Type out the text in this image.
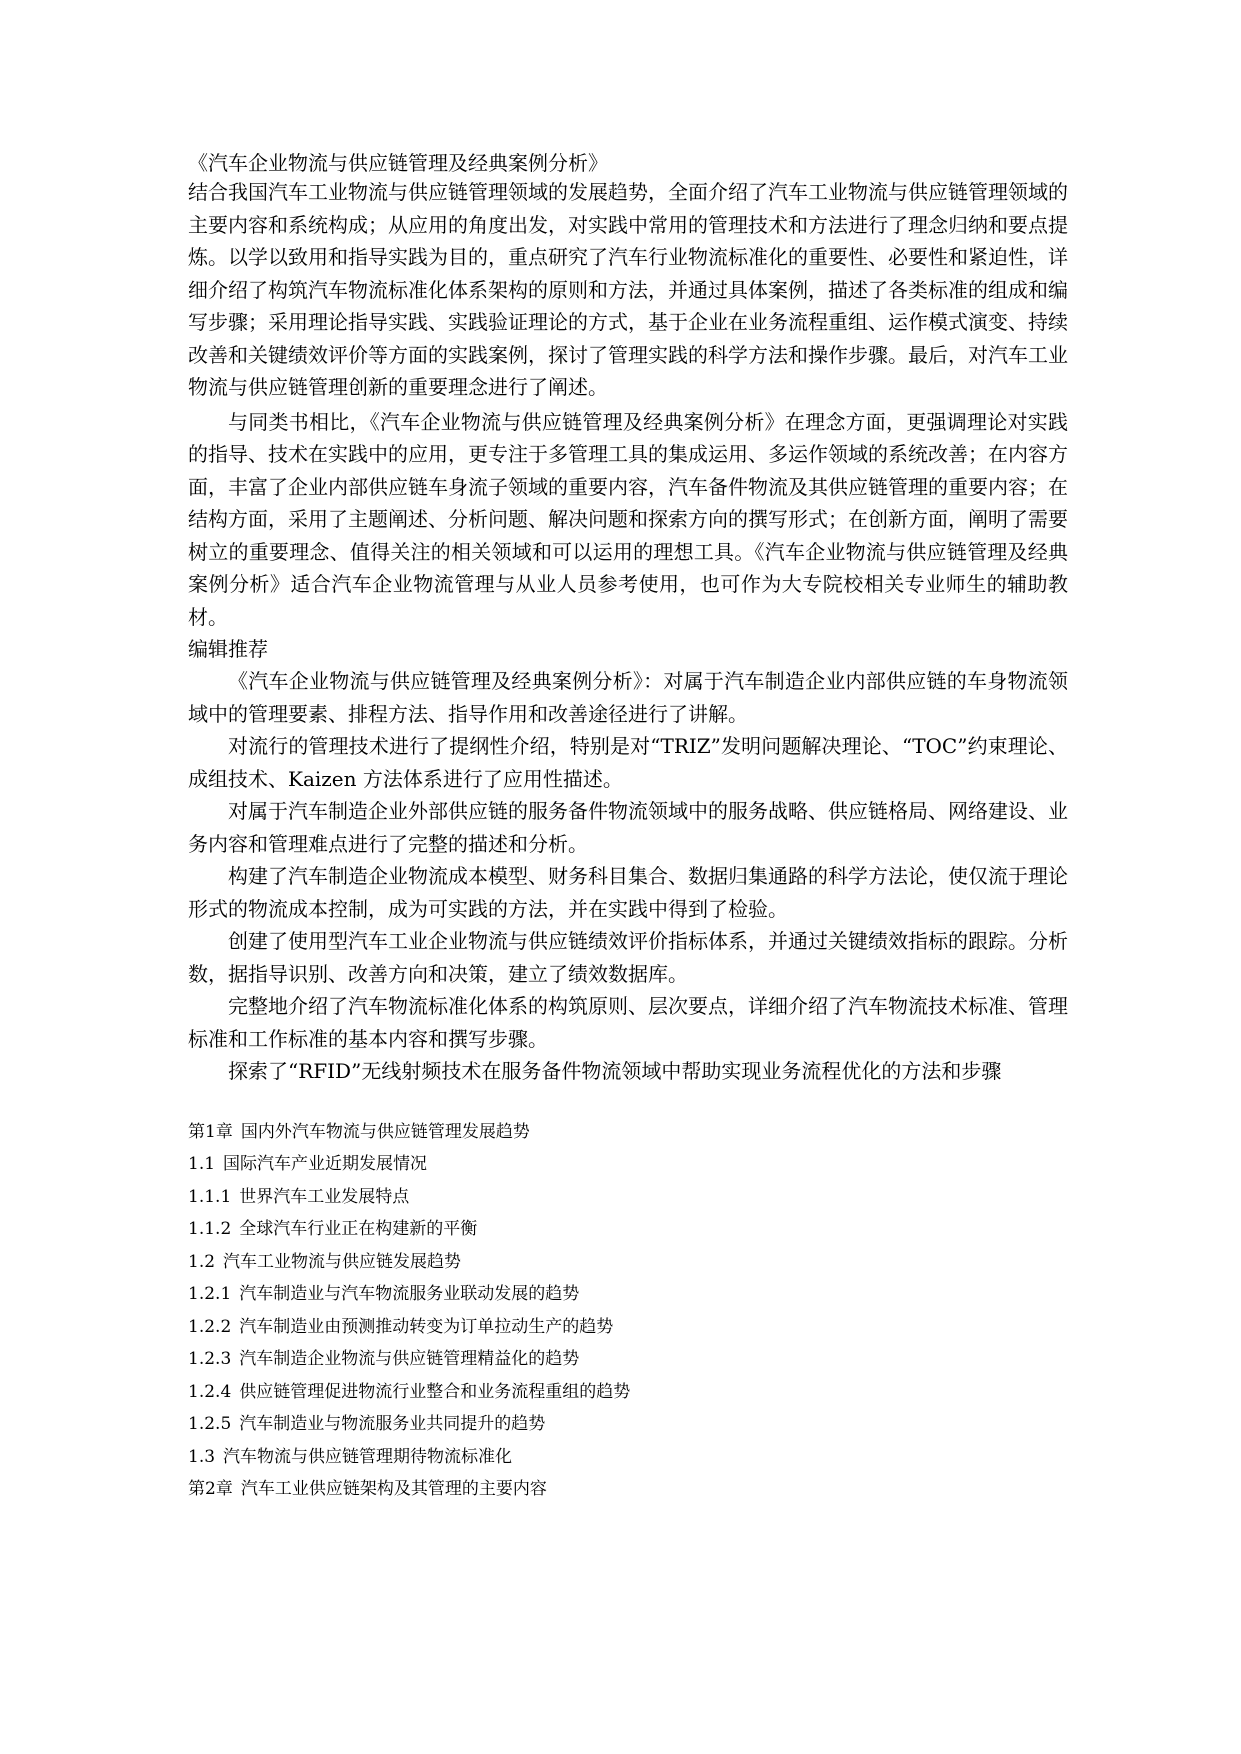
《汽车企业物流与供应链管理及经典案例分析》

结合我国汽车工业物流与供应链管理领域的发展趋势，全面介绍了汽车工业物流与供应链管理领域的主要内容和系统构成；从应用的角度出发，对实践中常用的管理技术和方法进行了理念归纳和要点提炼。以学以致用和指导实践为目的，重点研究了汽车行业物流标准化的重要性、必要性和紧迫性，详细介绍了构筑汽车物流标准化体系架构的原则和方法，并通过具体案例，描述了各类标准的组成和编写步骤；采用理论指导实践、实践验证理论的方式，基于企业在业务流程重组、运作模式演变、持续改善和关键绩效评价等方面的实践案例，探讨了管理实践的科学方法和操作步骤。最后，对汽车工业物流与供应链管理创新的重要理念进行了阐述。

与同类书相比，《汽车企业物流与供应链管理及经典案例分析》在理念方面，更强调理论对实践的指导、技术在实践中的应用，更专注于多管理工具的集成运用、多运作领域的系统改善；在内容方面，丰富了企业内部供应链车身流子领域的重要内容，汽车备件物流及其供应链管理的重要内容；在结构方面，采用了主题阐述、分析问题、解决问题和探索方向的撰写形式；在创新方面，阐明了需要树立的重要理念、值得关注的相关领域和可以运用的理想工具。《汽车企业物流与供应链管理及经典案例分析》适合汽车企业物流管理与从业人员参考使用，也可作为大专院校相关专业师生的辅助教材。

编辑推荐

《汽车企业物流与供应链管理及经典案例分析》：对属于汽车制造企业内部供应链的车身物流领域中的管理要素、排程方法、指导作用和改善途径进行了讲解。

对流行的管理技术进行了提纲性介绍，特别是对“TRIZ”发明问题解决理论、“TOC”约束理论、成组技术、Kaizen 方法体系进行了应用性描述。

对属于汽车制造企业外部供应链的服务备件物流领域中的服务战略、供应链格局、网络建设、业务内容和管理难点进行了完整的描述和分析。

构建了汽车制造企业物流成本模型、财务科目集合、数据归集通路的科学方法论，使仅流于理论形式的物流成本控制，成为可实践的方法，并在实践中得到了检验。

创建了使用型汽车工业企业物流与供应链绩效评价指标体系，并通过关键绩效指标的跟踪。分析数，据指导识别、改善方向和决策，建立了绩效数据库。

完整地介绍了汽车物流标准化体系的构筑原则、层次要点，详细介绍了汽车物流技术标准、管理标准和工作标准的基本内容和撰写步骤。

探索了“RFID”无线射频技术在服务备件物流领域中帮助实现业务流程优化的方法和步骤

第1章 国内外汽车物流与供应链管理发展趋势
1.1 国际汽车产业近期发展情况
1.1.1 世界汽车工业发展特点
1.1.2 全球汽车行业正在构建新的平衡
1.2 汽车工业物流与供应链发展趋势
1.2.1 汽车制造业与汽车物流服务业联动发展的趋势
1.2.2 汽车制造业由预测推动转变为订单拉动生产的趋势
1.2.3 汽车制造企业物流与供应链管理精益化的趋势
1.2.4 供应链管理促进物流行业整合和业务流程重组的趋势
1.2.5 汽车制造业与物流服务业共同提升的趋势
1.3 汽车物流与供应链管理期待物流标准化
第2章 汽车工业供应链架构及其管理的主要内容
